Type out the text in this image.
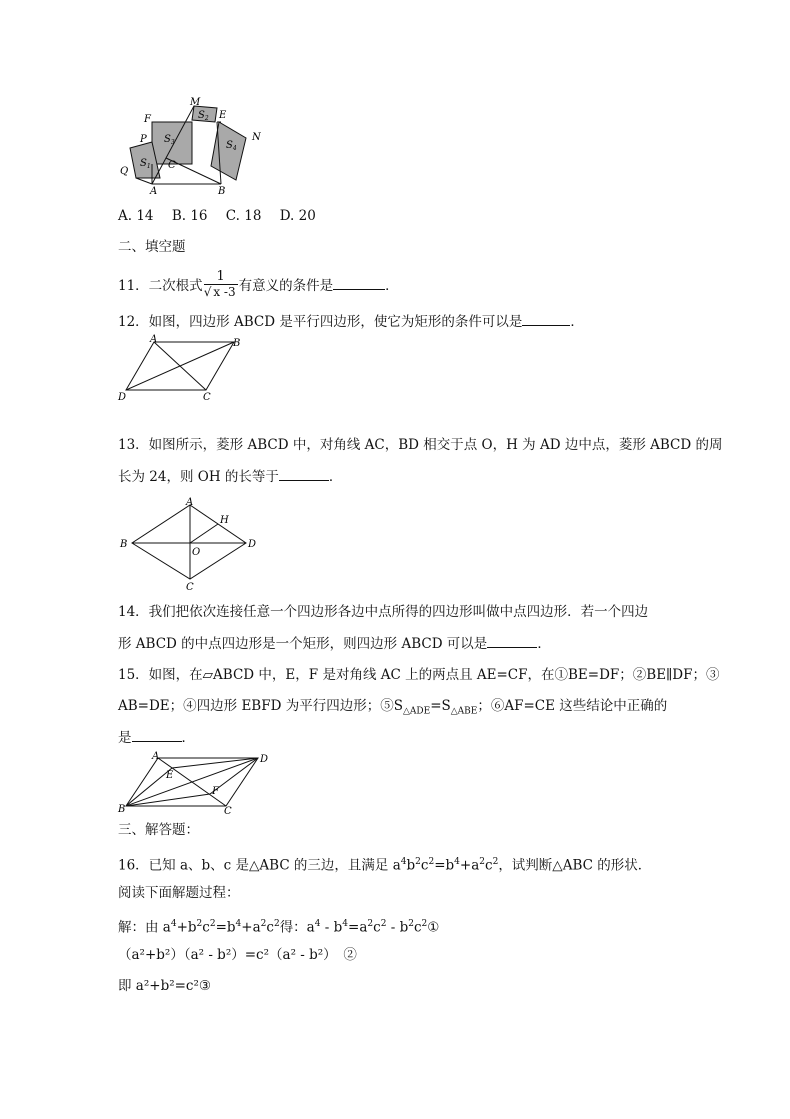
F
M
$S_2$ E
N
P $S_3$	$S_4$
Q
$S_1$ C
A	B
A. 14 B. 16 C. 18 D. 20
二、填空题
11．二次根式 $\frac{1}{√ x -3}$ 有意义的条件是	．
12．如图，四边形 ABCD 是平行四边形，使它为矩形的条件可以是	．
A	B
C
D
13．如图所示，菱形 ABCD 中，对角线 AC，BD 相交于点 O，H 为 AD 边中点，菱形 ABCD 的周
长为 24，则 OH 的长等于	．
A
H
B	D
O
C
14．我们把依次连接任意一个四边形各边中点所得的四边形叫做中点四边形．若一个四边
形 ABCD 的中点四边形是一个矩形，则四边形 ABCD 可以是	．
15．如图，在▱ABCD 中，E，F 是对角线 AC 上的两点且 AE=CF，在①BE=DF；②BE∥DF；③
AB=DE；④四边形 EBFD 为平行四边形；$⑤S_{\triangle ADE}=S_{\triangle ABE}$；⑥AF=CE 这些结论中正确的
是	．
A	D
E
F
B	C
三、解答题：
16．已知 a、b、c 是△ABC 的三边，且满足 $a^4b^2c^2=b^4+a^2c^2$，试判断△ABC 的形状．
阅读下面解题过程：
解：由 $a^4+b^2c^2=b^4+a^2c^2$得：$a^4 - b^4=a^2c^2$ - $b^2c^2①$
（a²+b²）（a² - b²）=c²（a² - b²）　②
即 a²+b²=c²③
